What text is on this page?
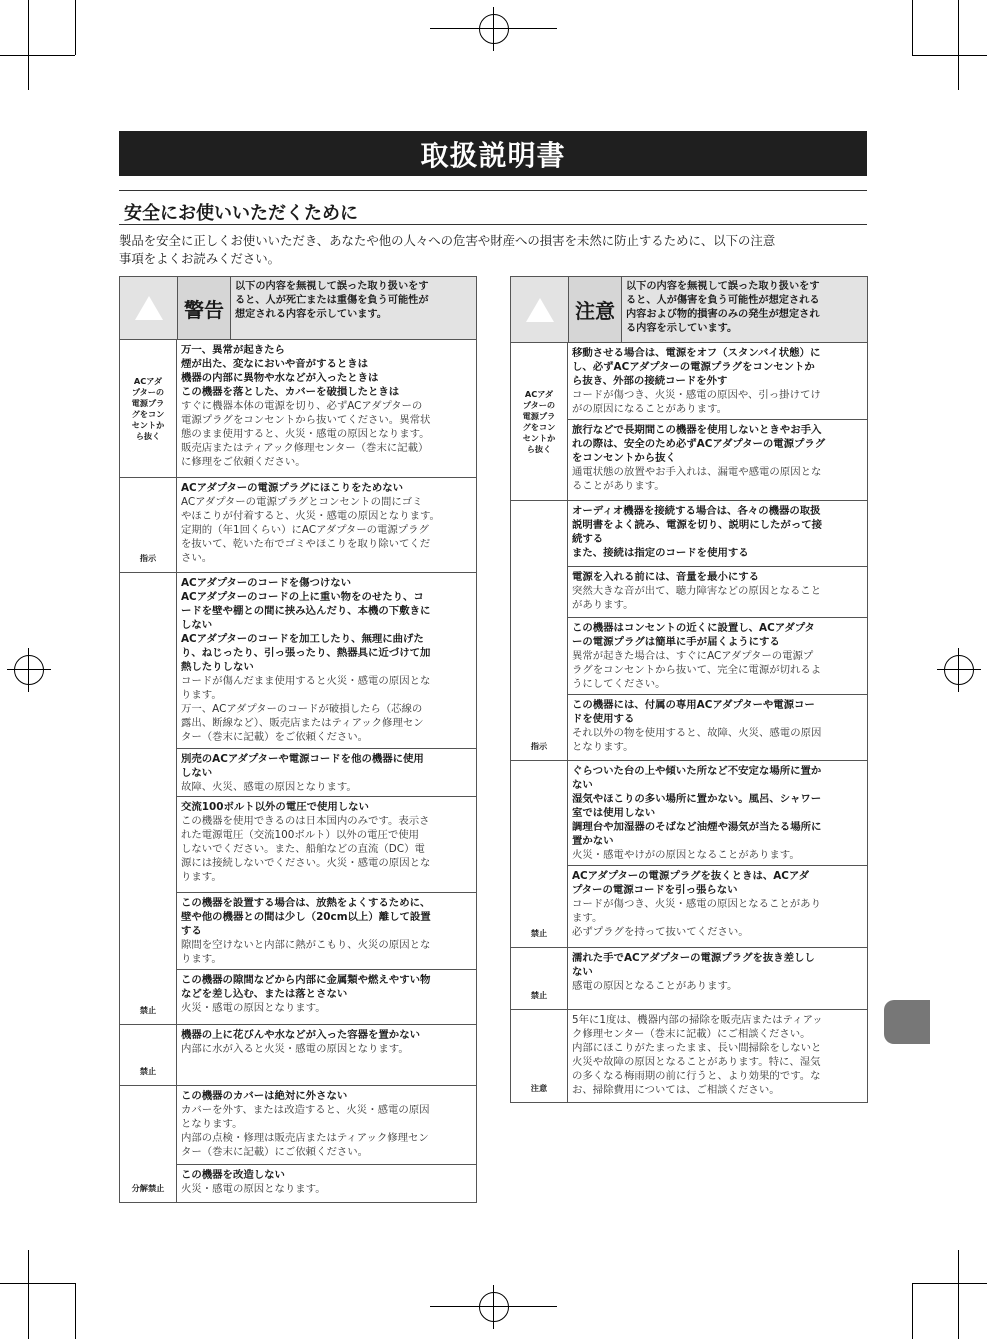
取扱説明書
安全にお使いいただくために

製品を安全に正しくお使いいただき、あなたや他の人々への危害や財産への損害を未然に防止するために、以下の注意
事項をよくお読みください。

警告
以下の内容を無視して誤った取り扱いをす
ると、人が死亡または重傷を負う可能性が
想定される内容を示しています。
ACアダ
プターの
電源プラ
グをコン
セントか
ら抜く
万一、異常が起きたら
煙が出た、変なにおいや音がするときは
機器の内部に異物や水などが入ったときは
この機器を落とした、カバーを破損したときは
すぐに機器本体の電源を切り、必ずACアダプターの
電源プラグをコンセントから抜いてください。異常状
態のまま使用すると、火災・感電の原因となります。
販売店またはティアック修理センター（巻末に記載）
に修理をご依頼ください。
指示
ACアダプターの電源プラグにほこりをためない
ACアダプターの電源プラグとコンセントの間にゴミ
やほこりが付着すると、火災・感電の原因となります。
定期的（年1回くらい）にACアダプターの電源プラグ
を抜いて、乾いた布でゴミやほこりを取り除いてくだ
さい。
禁止
ACアダプターのコードを傷つけない
ACアダプターのコードの上に重い物をのせたり、コ
ードを壁や棚との間に挟み込んだり、本機の下敷きに
しない
ACアダプターのコードを加工したり、無理に曲げた
り、ねじったり、引っ張ったり、熱器具に近づけて加
熱したりしない
コードが傷んだまま使用すると火災・感電の原因とな
ります。
万一、ACアダプターのコードが破損したら（芯線の
露出、断線など）、販売店またはティアック修理セン
ター（巻末に記載）をご依頼ください。
別売のACアダプターや電源コードを他の機器に使用
しない
故障、火災、感電の原因となります。
交流100ボルト以外の電圧で使用しない
この機器を使用できるのは日本国内のみです。表示さ
れた電源電圧（交流100ボルト）以外の電圧で使用
しないでください。また、船舶などの直流（DC）電
源には接続しないでください。火災・感電の原因とな
ります。
この機器を設置する場合は、放熱をよくするために、
壁や他の機器との間は少し（20cm以上）離して設置
する
隙間を空けないと内部に熱がこもり、火災の原因とな
ります。
この機器の隙間などから内部に金属類や燃えやすい物
などを差し込む、または落とさない
火災・感電の原因となります。
禁止
機器の上に花びんや水などが入った容器を置かない
内部に水が入ると火災・感電の原因となります。
分解禁止
この機器のカバーは絶対に外さない
カバーを外す、または改造すると、火災・感電の原因
となります。
内部の点検・修理は販売店またはティアック修理セン
ター（巻末に記載）にご依頼ください。
この機器を改造しない
火災・感電の原因となります。
注意
以下の内容を無視して誤った取り扱いをす
ると、人が傷害を負う可能性が想定される
内容および物的損害のみの発生が想定され
る内容を示しています。
ACアダ
プターの
電源プラ
グをコン
セントか
ら抜く
移動させる場合は、電源をオフ（スタンバイ状態）に
し、必ずACアダプターの電源プラグをコンセントか
ら抜き、外部の接続コードを外す
コードが傷つき、火災・感電の原因や、引っ掛けてけ
がの原因になることがあります。
旅行などで長期間この機器を使用しないときやお手入
れの際は、安全のため必ずACアダプターの電源プラグ
をコンセントから抜く
通電状態の放置やお手入れは、漏電や感電の原因とな
ることがあります。
指示
オーディオ機器を接続する場合は、各々の機器の取扱
説明書をよく読み、電源を切り、説明にしたがって接
続する
また、接続は指定のコードを使用する
電源を入れる前には、音量を最小にする
突然大きな音が出て、聴力障害などの原因となること
があります。
この機器はコンセントの近くに設置し、ACアダプタ
ーの電源プラグは簡単に手が届くようにする
異常が起きた場合は、すぐにACアダプターの電源プ
ラグをコンセントから抜いて、完全に電源が切れるよ
うにしてください。
この機器には、付属の専用ACアダプターや電源コー
ドを使用する
それ以外の物を使用すると、故障、火災、感電の原因
となります。
禁止
ぐらついた台の上や傾いた所など不安定な場所に置か
ない
湿気やほこりの多い場所に置かない。風呂、シャワー
室では使用しない
調理台や加湿器のそばなど油煙や湯気が当たる場所に
置かない
火災・感電やけがの原因となることがあります。
ACアダプターの電源プラグを抜くときは、ACアダ
プターの電源コードを引っ張らない
コードが傷つき、火災・感電の原因となることがあり
ます。
必ずプラグを持って抜いてください。
禁止
濡れた手でACアダプターの電源プラグを抜き差しし
ない
感電の原因となることがあります。
注意
5年に1度は、機器内部の掃除を販売店またはティアッ
ク修理センター（巻末に記載）にご相談ください。
内部にほこりがたまったまま、長い間掃除をしないと
火災や故障の原因となることがあります。特に、湿気
の多くなる梅雨期の前に行うと、より効果的です。な
お、掃除費用については、ご相談ください。
